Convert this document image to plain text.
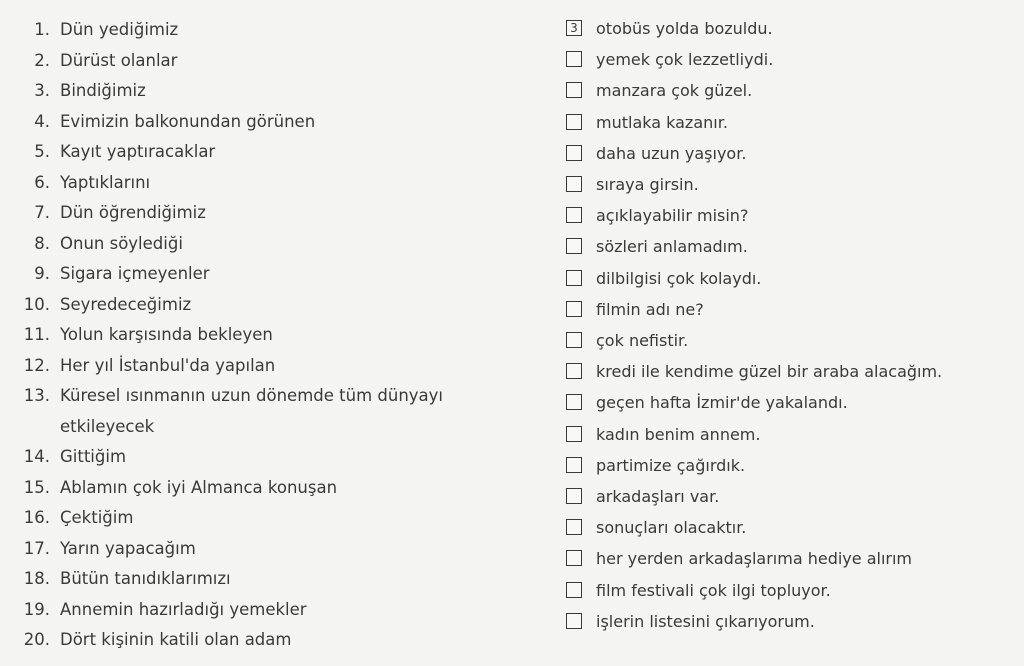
1. Dün yediğimiz
2. Dürüst olanlar
3. Bindiğimiz
4. Evimizin balkonundan görünen
5. Kayıt yaptıracaklar
6. Yaptıklarını
7. Dün öğrendiğimiz
8. Onun söylediği
9. Sigara içmeyenler
10. Seyredeceğimiz
11. Yolun karşısında bekleyen
12. Her yıl İstanbul'da yapılan
13. Küresel ısınmanın uzun dönemde tüm dünyayı
etkileyecek
14. Gittiğim
15. Ablamın çok iyi Almanca konuşan
16. Çektiğim
17. Yarın yapacağım
18. Bütün tanıdıklarımızı
19. Annemin hazırladığı yemekler
20. Dört kişinin katili olan adam
3 otobüs yolda bozuldu.
yemek çok lezzetliydi.
manzara çok güzel.
mutlaka kazanır.
daha uzun yaşıyor.
sıraya girsin.
açıklayabilir misin?
sözleri anlamadım.
dilbilgisi çok kolaydı.
filmin adı ne?
çok nefistir.
kredi ile kendime güzel bir araba alacağım.
geçen hafta İzmir'de yakalandı.
kadın benim annem.
partimize çağırdık.
arkadaşları var.
sonuçları olacaktır.
her yerden arkadaşlarıma hediye alırım
film festivali çok ilgi topluyor.
işlerin listesini çıkarıyorum.
